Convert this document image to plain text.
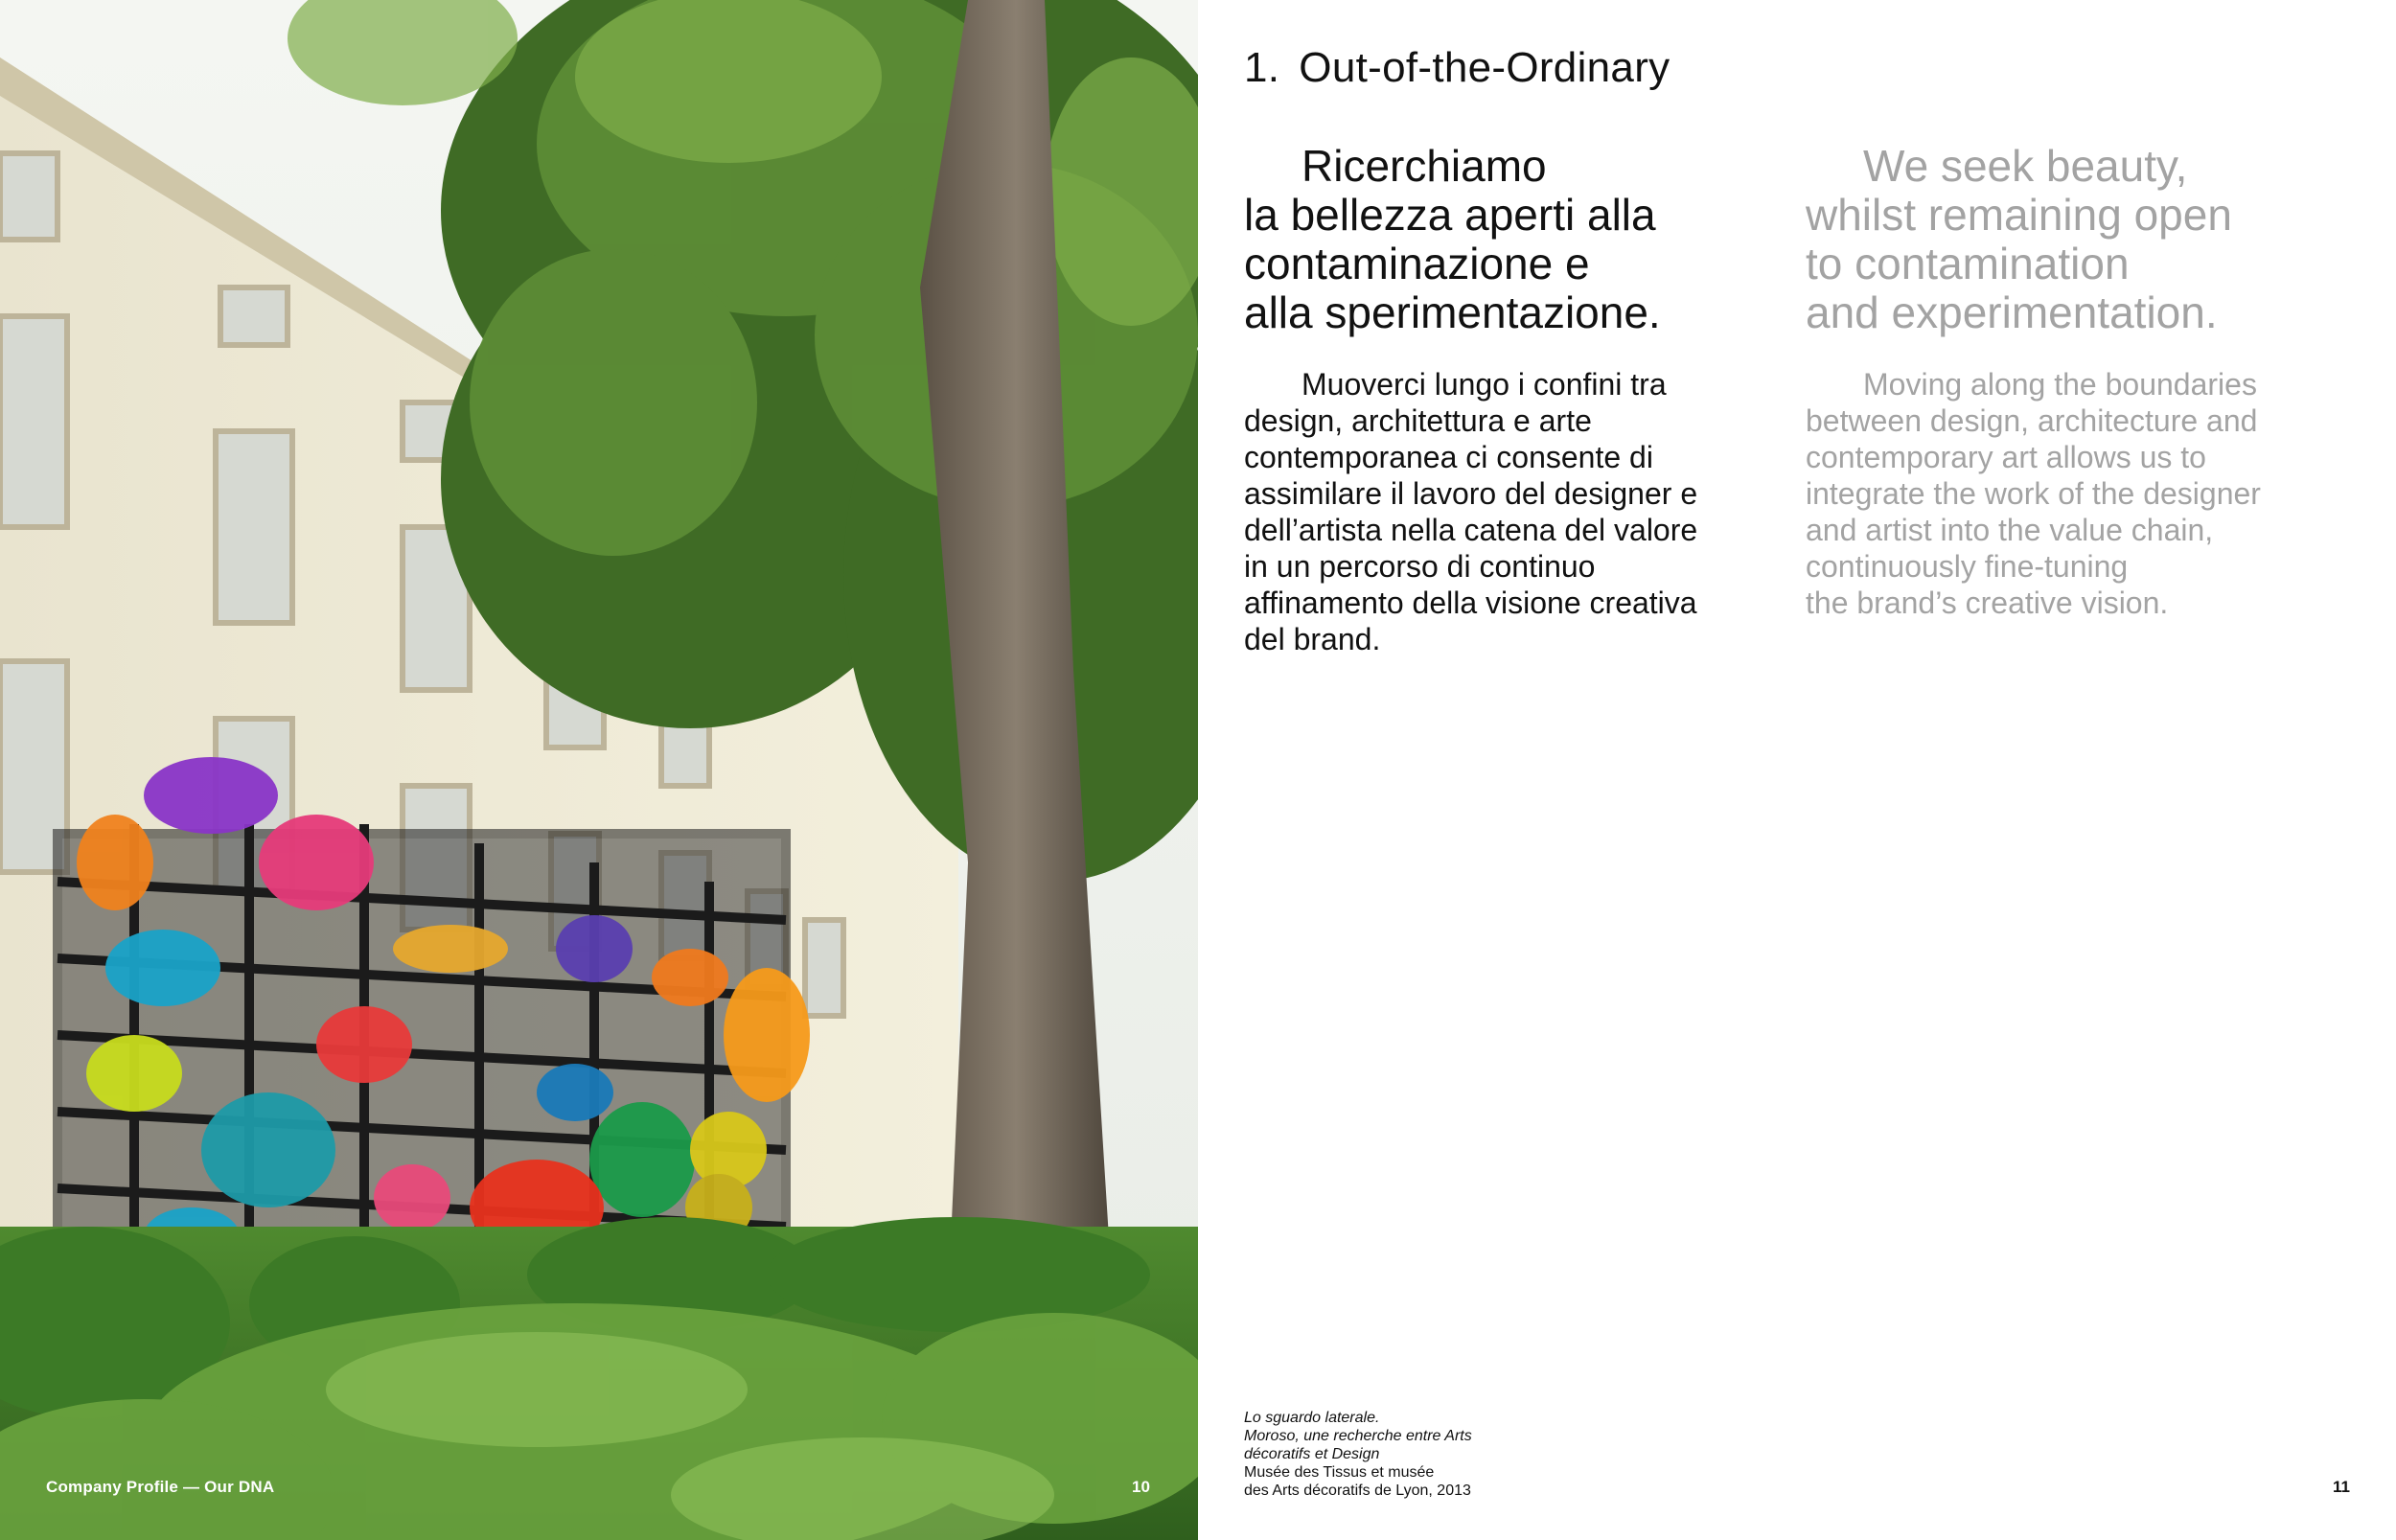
Company Profile — Our DNA	10
1. Out-of-the-Ordinary

Ricerchiamo
la bellezza aperti alla
contaminazione e
alla sperimentazione.

Muoverci lungo i confini tra
design, architettura e arte
contemporanea ci consente di
assimilare il lavoro del designer e
dell’artista nella catena del valore
in un percorso di continuo
affinamento della visione creativa
del brand.

We seek beauty,
whilst remaining open
to contamination
and experimentation.

Moving along the boundaries
between design, architecture and
contemporary art allows us to
integrate the work of the designer
and artist into the value chain,
continuously fine-tuning
the brand’s creative vision.

Lo sguardo laterale.
Moroso, une recherche entre Arts
décoratifs et Design
Musée des Tissus et musée
des Arts décoratifs de Lyon, 2013	11
